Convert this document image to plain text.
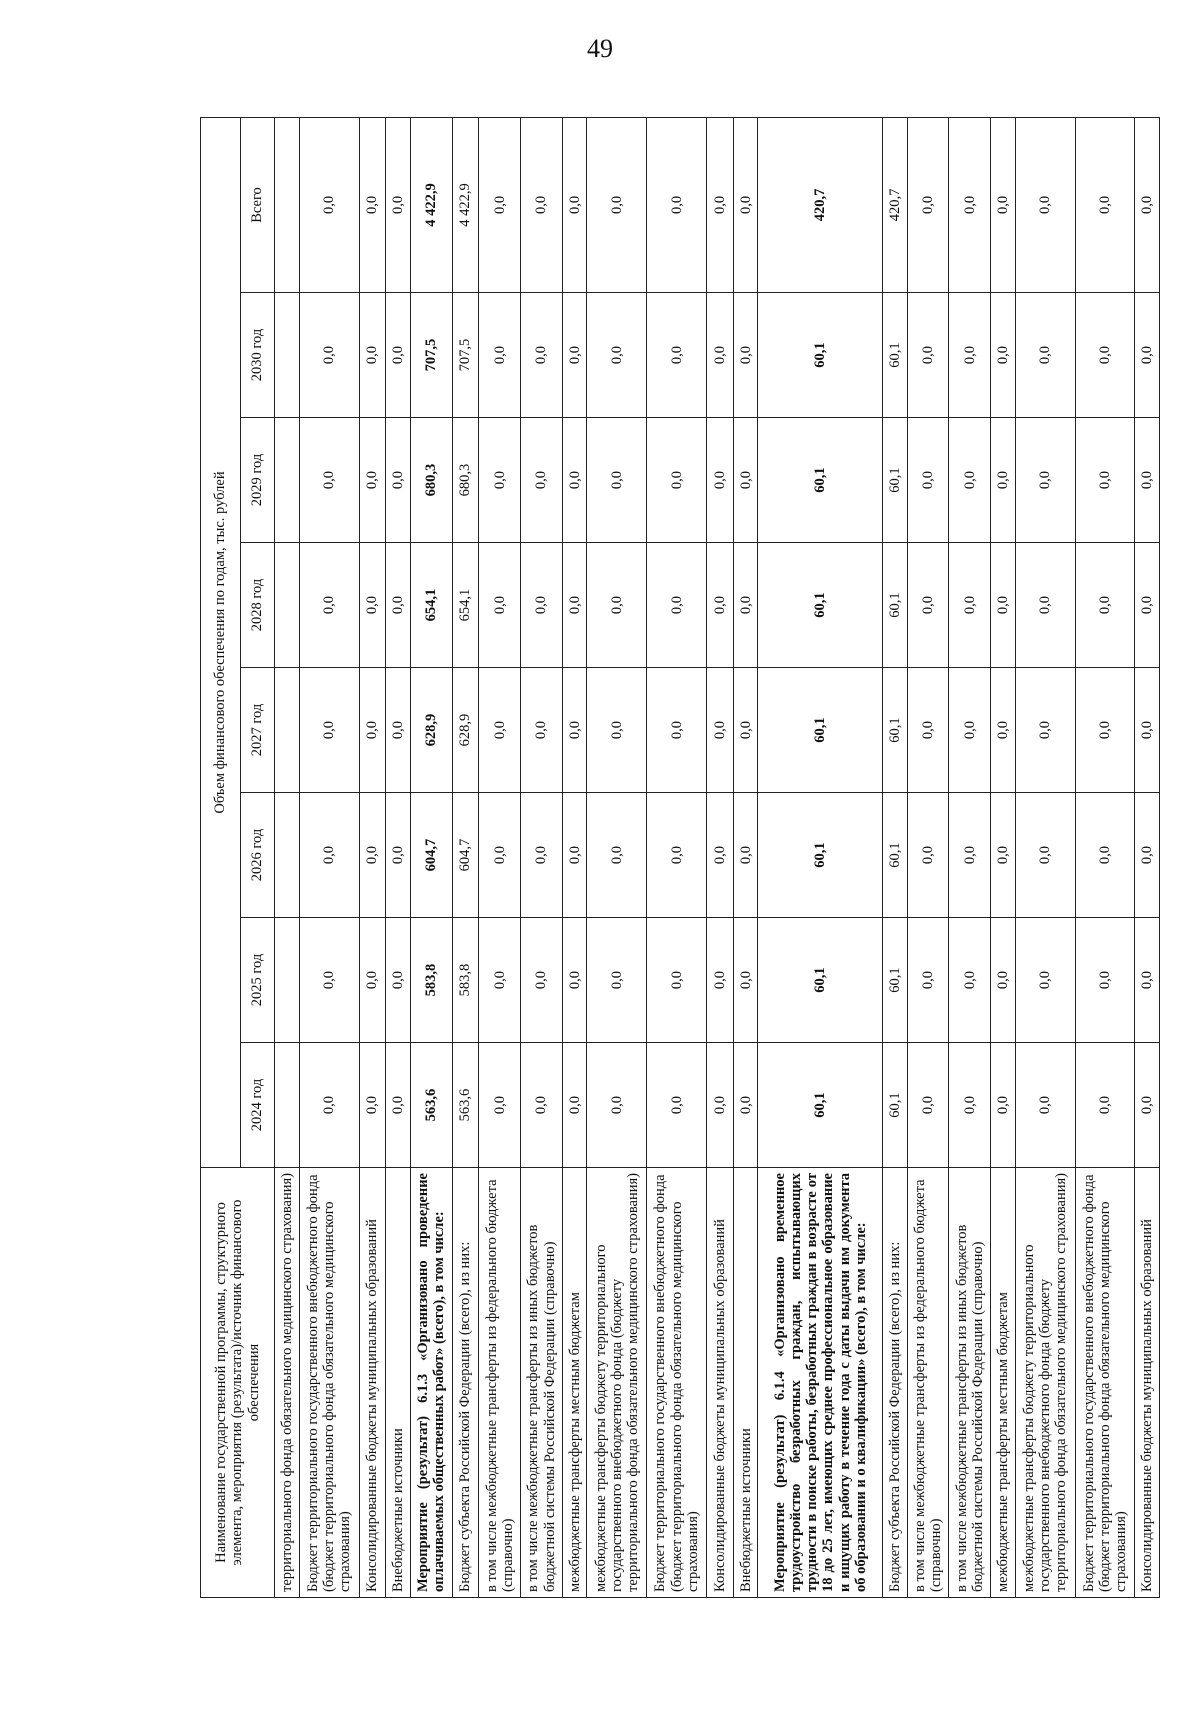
49
Наименование государственной программы, структурного элемента, мероприятия (результата)/источник финансового обеспечения	Объем финансового обеспечения по годам, тыс. рублей							
	2024 год	2025 год	2026 год	2027 год	2028 год	2029 год	2030 год	Всего
территориального фонда обязательного медицинского страхования)								
Бюджет территориального государственного внебюджетного фонда (бюджет территориального фонда обязательного медицинского страхования)	0,0	0,0	0,0	0,0	0,0	0,0	0,0	0,0
Консолидированные бюджеты муниципальных образований	0,0	0,0	0,0	0,0	0,0	0,0	0,0	0,0
Внебюджетные источники	0,0	0,0	0,0	0,0	0,0	0,0	0,0	0,0
Мероприятие (результат) 6.1.3 «Организовано проведение оплачиваемых общественных работ» (всего), в том числе:	563,6	583,8	604,7	628,9	654,1	680,3	707,5	4 422,9
Бюджет субъекта Российской Федерации (всего), из них:	563,6	583,8	604,7	628,9	654,1	680,3	707,5	4 422,9
в том числе межбюджетные трансферты из федерального бюджета (справочно)	0,0	0,0	0,0	0,0	0,0	0,0	0,0	0,0
в том числе межбюджетные трансферты из иных бюджетов бюджетной системы Российской Федерации (справочно)	0,0	0,0	0,0	0,0	0,0	0,0	0,0	0,0
межбюджетные трансферты местным бюджетам	0,0	0,0	0,0	0,0	0,0	0,0	0,0	0,0
межбюджетные трансферты бюджету территориального государственного внебюджетного фонда (бюджету территориального фонда обязательного медицинского страхования)	0,0	0,0	0,0	0,0	0,0	0,0	0,0	0,0
Бюджет территориального государственного внебюджетного фонда (бюджет территориального фонда обязательного медицинского страхования)	0,0	0,0	0,0	0,0	0,0	0,0	0,0	0,0
Консолидированные бюджеты муниципальных образований	0,0	0,0	0,0	0,0	0,0	0,0	0,0	0,0
Внебюджетные источники	0,0	0,0	0,0	0,0	0,0	0,0	0,0	0,0
Мероприятие (результат) 6.1.4 «Организовано временное трудоустройство безработных граждан, испытывающих трудности в поиске работы, безработных граждан в возрасте от 18 до 25 лет, имеющих среднее профессиональное образование и ищущих работу в течение года с даты выдачи им документа об образовании и о квалификации» (всего), в том числе:	60,1	60,1	60,1	60,1	60,1	60,1	60,1	420,7
Бюджет субъекта Российской Федерации (всего), из них:	60,1	60,1	60,1	60,1	60,1	60,1	60,1	420,7
в том числе межбюджетные трансферты из федерального бюджета (справочно)	0,0	0,0	0,0	0,0	0,0	0,0	0,0	0,0
в том числе межбюджетные трансферты из иных бюджетов бюджетной системы Российской Федерации (справочно)	0,0	0,0	0,0	0,0	0,0	0,0	0,0	0,0
межбюджетные трансферты местным бюджетам	0,0	0,0	0,0	0,0	0,0	0,0	0,0	0,0
межбюджетные трансферты бюджету территориального государственного внебюджетного фонда (бюджету территориального фонда обязательного медицинского страхования)	0,0	0,0	0,0	0,0	0,0	0,0	0,0	0,0
Бюджет территориального государственного внебюджетного фонда (бюджет территориального фонда обязательного медицинского страхования)	0,0	0,0	0,0	0,0	0,0	0,0	0,0	0,0
Консолидированные бюджеты муниципальных образований	0,0	0,0	0,0	0,0	0,0	0,0	0,0	0,0
